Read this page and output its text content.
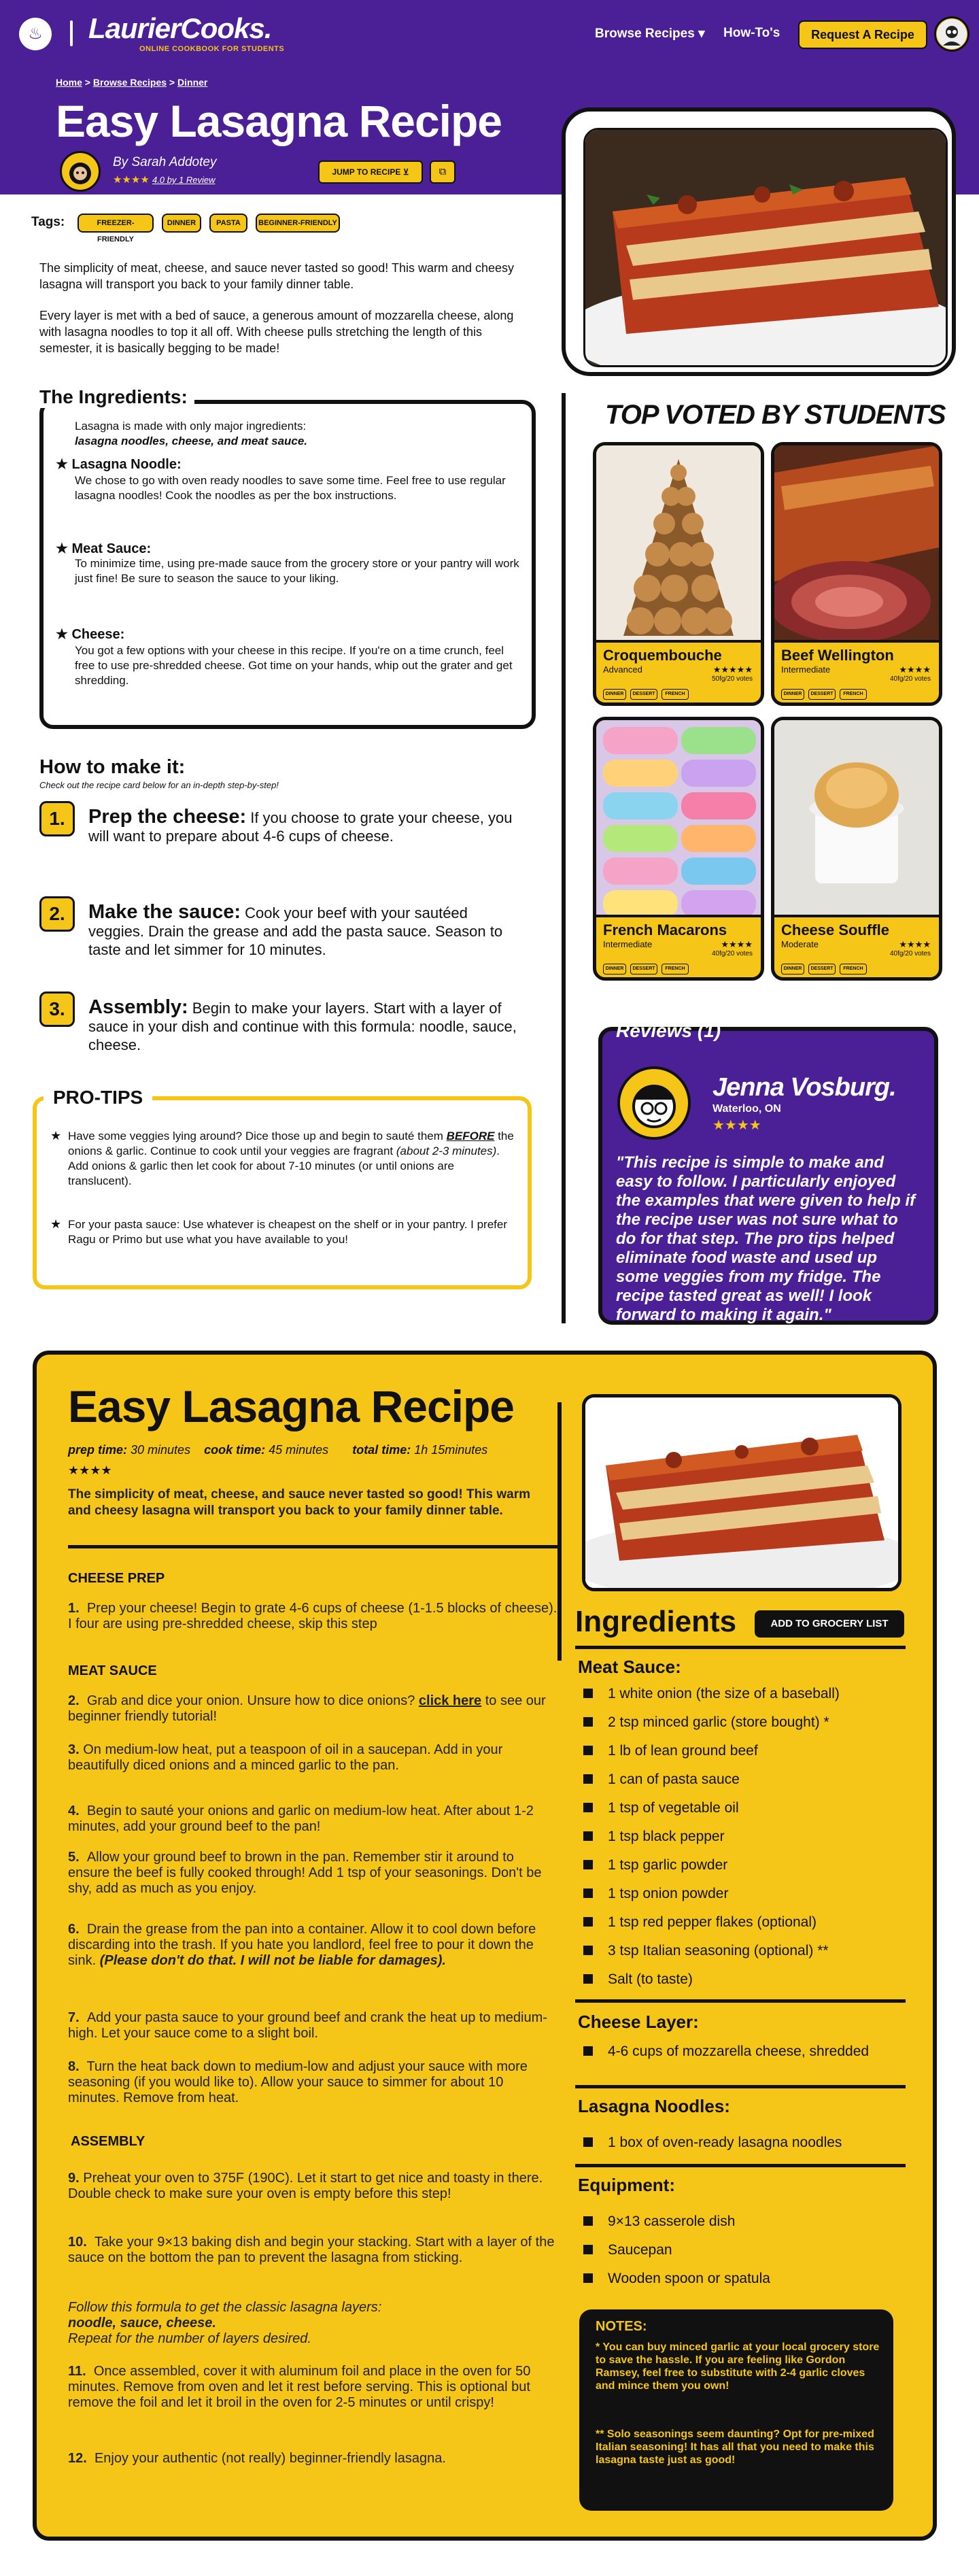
♨	LaurierCooks.
ONLINE COOKBOOK FOR STUDENTS
Browse Recipes ▾ How-To's	Request A Recipe
Home > Browse Recipes > Dinner
Easy Lasagna Recipe
By Sarah Addotey
★★★★ 4.0 by 1 Review
JUMP TO RECIPE ⊻	⧉
Tags:	FREEZER-FRIENDLY
DINNER	PASTA	BEGINNER-FRIENDLY
The simplicity of meat, cheese, and sauce never tasted so good! This warm and cheesy lasagna will transport you back to your family dinner table.
Every layer is met with a bed of sauce, a generous amount of mozzarella cheese, along with lasagna noodles to top it all off. With cheese pulls stretching the length of this semester, it is basically begging to be made!
The Ingredients:
Lasagna is made with only major ingredients:
lasagna noodles, cheese, and meat sauce.
★ Lasagna Noodle:
We chose to go with oven ready noodles to save some time. Feel free to use regular lasagna noodles! Cook the noodles as per the box instructions.
★ Meat Sauce:
To minimize time, using pre-made sauce from the grocery store or your pantry will work just fine! Be sure to season the sauce to your liking.
★ Cheese:
You got a few options with your cheese in this recipe. If you're on a time crunch, feel free to use pre-shredded cheese. Got time on your hands, whip out the grater and get shredding.
How to make it:
Check out the recipe card below for an in-depth step-by-step!
1.	Prep the cheese: If you choose to grate your cheese, you will want to prepare about 4-6 cups of cheese.
2.	Make the sauce: Cook your beef with your sautéed veggies. Drain the grease and add the pasta sauce. Season to taste and let simmer for 10 minutes.
3.	Assembly: Begin to make your layers. Start with a layer of sauce in your dish and continue with this formula: noodle, sauce, cheese.
PRO-TIPS
★ Have some veggies lying around? Dice those up and begin to sauté them BEFORE the onions & garlic. Continue to cook until your veggies are fragrant (about 2-3 minutes). Add onions & garlic then let cook for about 7-10 minutes (or until onions are translucent).
★ For your pasta sauce: Use whatever is cheapest on the shelf or in your pantry. I prefer Ragu or Primo but use what you have available to you!
TOP VOTED BY STUDENTS
Croquembouche
Advanced	★★★★★
50fg/20 votes
DINNER	DESSERT	FRENCH
Beef Wellington
Intermediate	★★★★
40fg/20 votes
DINNER	DESSERT	FRENCH
French Macarons
Intermediate	★★★★
40fg/20 votes
DINNER	DESSERT	FRENCH
Cheese Souffle
Moderate	★★★★
40fg/20 votes
DINNER	DESSERT	FRENCH
Reviews (1)
Jenna Vosburg.
Waterloo, ON
★★★★
"This recipe is simple to make and easy to follow. I particularly enjoyed the examples that were given to help if the recipe user was not sure what to do for that step. The pro tips helped eliminate food waste and used up some veggies from my fridge. The recipe tasted great as well! I look forward to making it again."
Easy Lasagna Recipe
prep time: 30 minutes cook time: 45 minutes total time: 1h 15minutes
★★★★
The simplicity of meat, cheese, and sauce never tasted so good! This warm and cheesy lasagna will transport you back to your family dinner table.
CHEESE PREP
1. Prep your cheese! Begin to grate 4-6 cups of cheese (1-1.5 blocks of cheese). I four are using pre-shredded cheese, skip this step
MEAT SAUCE
2. Grab and dice your onion. Unsure how to dice onions? click here to see our beginner friendly tutorial!
3. On medium-low heat, put a teaspoon of oil in a saucepan. Add in your beautifully diced onions and a minced garlic to the pan.
4. Begin to sauté your onions and garlic on medium-low heat. After about 1-2 minutes, add your ground beef to the pan!
5. Allow your ground beef to brown in the pan. Remember stir it around to ensure the beef is fully cooked through! Add 1 tsp of your seasonings. Don't be shy, add as much as you enjoy.
6. Drain the grease from the pan into a container. Allow it to cool down before discarding into the trash. If you hate you landlord, feel free to pour it down the sink. (Please don't do that. I will not be liable for damages).
7. Add your pasta sauce to your ground beef and crank the heat up to medium-high. Let your sauce come to a slight boil.
8.  Turn the heat back down to medium-low and adjust your sauce with more seasoning (if you would like to). Allow your sauce to simmer for about 10 minutes. Remove from heat.
ASSEMBLY
9. Preheat your oven to 375F (190C). Let it start to get nice and toasty in there. Double check to make sure your oven is empty before this step!
10. Take your 9×13 baking dish and begin your stacking. Start with a layer of the sauce on the bottom the pan to prevent the lasagna from sticking.
Follow this formula to get the classic lasagna layers:
noodle, sauce, cheese.
Repeat for the number of layers desired.
11.  Once assembled, cover it with aluminum foil and place in the oven for 50 minutes. Remove from oven and let it rest before serving. This is optional but remove the foil and let it broil in the oven for 2-5 minutes or until crispy!
12. Enjoy your authentic (not really) beginner-friendly lasagna.
Ingredients	ADD TO GROCERY LIST
Meat Sauce:
1 white onion (the size of a baseball)
2 tsp minced garlic (store bought) *
1 lb of lean ground beef
1 can of pasta sauce
1 tsp of vegetable oil
1 tsp black pepper
1 tsp garlic powder
1 tsp onion powder
1 tsp red pepper flakes (optional)
3 tsp Italian seasoning (optional) **
Salt (to taste)
Cheese Layer:
4-6 cups of mozzarella cheese, shredded
Lasagna Noodles:
1 box of oven-ready lasagna noodles
Equipment:
9×13 casserole dish
Saucepan
Wooden spoon or spatula
NOTES:
* You can buy minced garlic at your local grocery store to save the hassle. If you are feeling like Gordon Ramsey, feel free to substitute with 2-4 garlic cloves and mince them you own!
** Solo seasonings seem daunting? Opt for pre-mixed Italian seasoning! It has all that you need to make this lasagna taste just as good!
